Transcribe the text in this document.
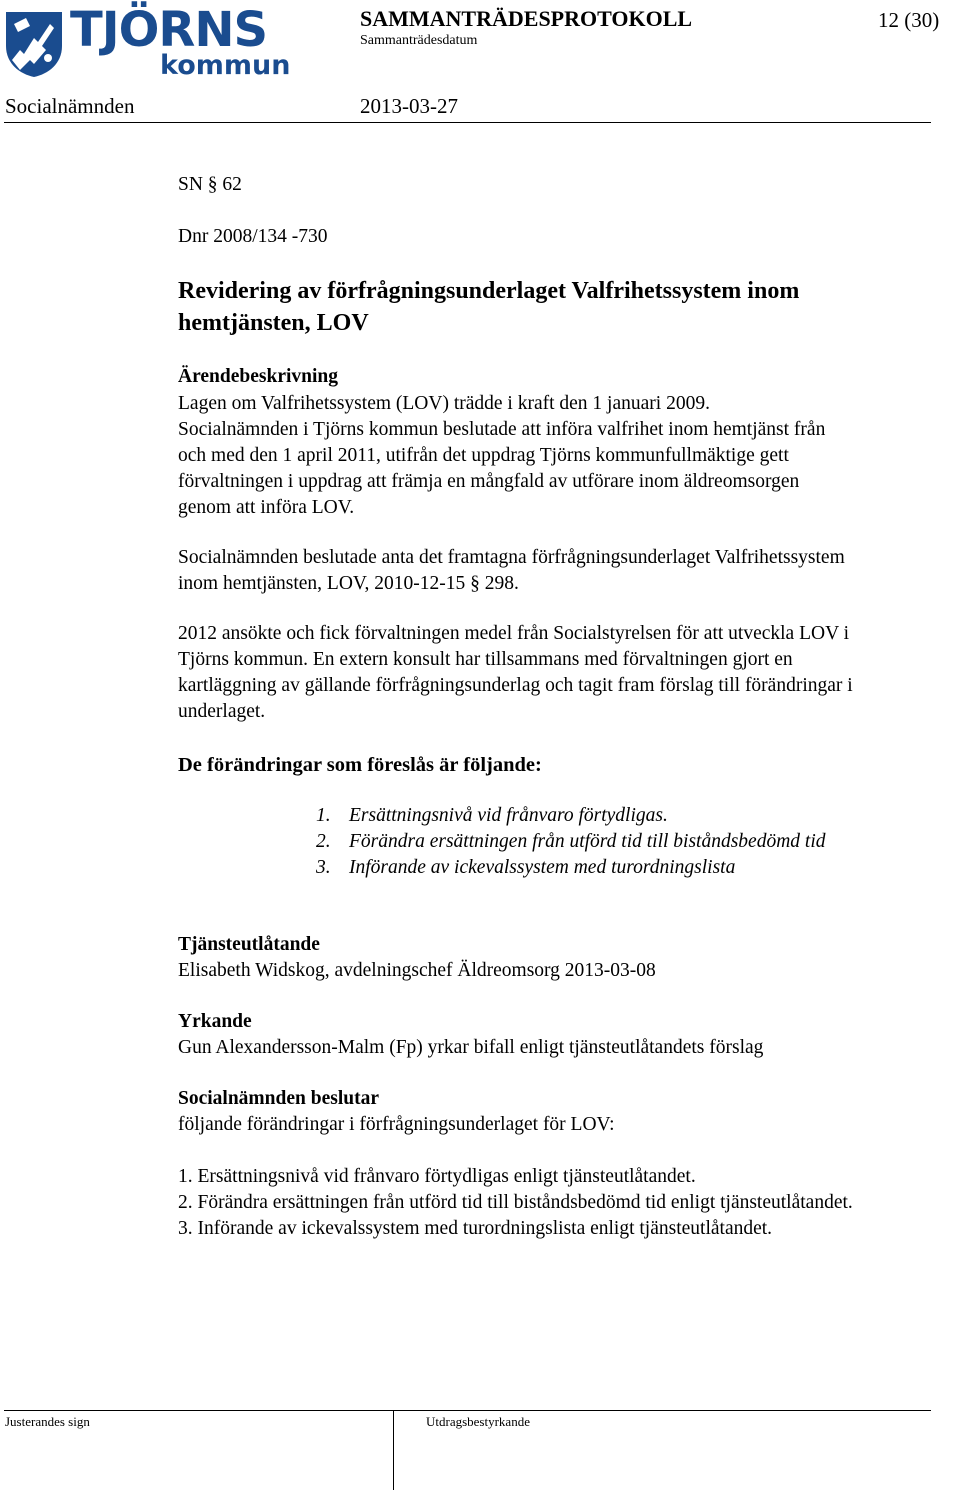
TJÖRNS
kommun
SAMMANTRÄDESPROTOKOLL
Sammanträdesdatum
12 (30)
Socialnämnden	2013-03-27
SN § 62
Dnr 2008/134 -730
Revidering av förfrågningsunderlaget Valfrihetssystem inom
hemtjänsten, LOV
Ärendebeskrivning
Lagen om Valfrihetssystem (LOV) trädde i kraft den 1 januari 2009.
Socialnämnden i Tjörns kommun beslutade att införa valfrihet inom hemtjänst från
och med den 1 april 2011, utifrån det uppdrag Tjörns kommunfullmäktige gett
förvaltningen i uppdrag att främja en mångfald av utförare inom äldreomsorgen
genom att införa LOV.
Socialnämnden beslutade anta det framtagna förfrågningsunderlaget Valfrihetssystem
inom hemtjänsten, LOV, 2010-12-15 § 298.
2012 ansökte och fick förvaltningen medel från Socialstyrelsen för att utveckla LOV i
Tjörns kommun. En extern konsult har tillsammans med förvaltningen gjort en
kartläggning av gällande förfrågningsunderlag och tagit fram förslag till förändringar i
underlaget.
De förändringar som föreslås är följande:
1. Ersättningsnivå vid frånvaro förtydligas.
2. Förändra ersättningen från utförd tid till biståndsbedömd tid
3. Införande av ickevalssystem med turordningslista
Tjänsteutlåtande
Elisabeth Widskog, avdelningschef Äldreomsorg 2013-03-08
Yrkande
Gun Alexandersson-Malm (Fp) yrkar bifall enligt tjänsteutlåtandets förslag
Socialnämnden beslutar
följande förändringar i förfrågningsunderlaget för LOV:
1. Ersättningsnivå vid frånvaro förtydligas enligt tjänsteutlåtandet.
2. Förändra ersättningen från utförd tid till biståndsbedömd tid enligt tjänsteutlåtandet.
3. Införande av ickevalssystem med turordningslista enligt tjänsteutlåtandet.
Justerandes sign	Utdragsbestyrkande
